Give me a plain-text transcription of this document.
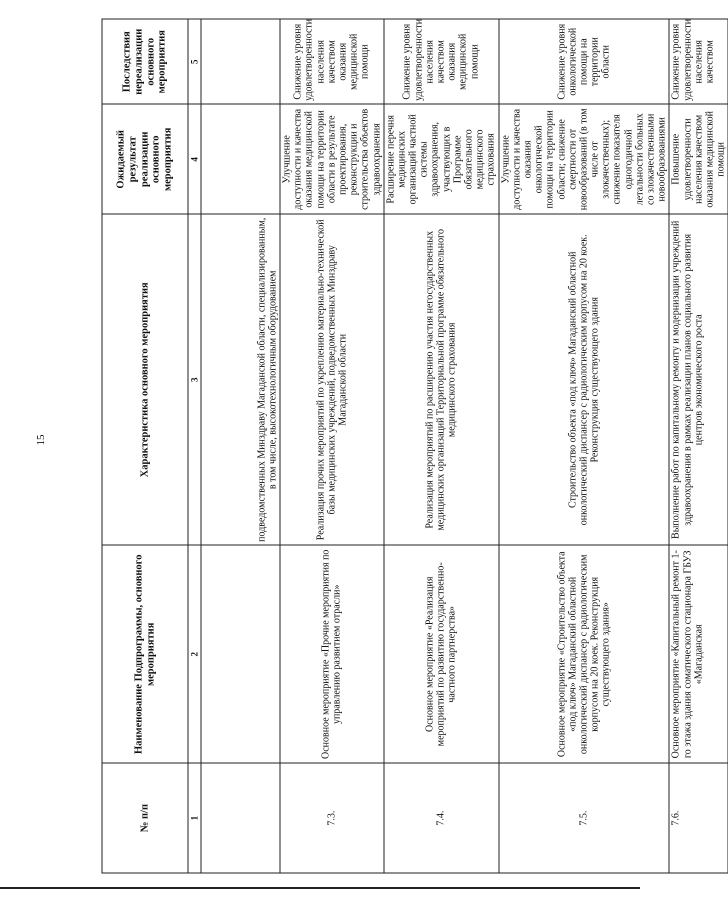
15
№ п/п	Наименование Подпрограммы, основного мероприятия	Характеристика основного мероприятия	Ожидаемый результат реализации основного мероприятия	Последствия нереализации основного мероприятия
1	2	3	4	5
		подведомственных Минздраву Магаданской области, специализированным, в том числе, высокотехнологичным оборудованием		
7.3.	Основное мероприятие «Прочие мероприятия по управлению развитием отрасли»	Реализация прочих мероприятий по укреплению материально-технической базы медицинских учреждений, подведомственных Минздраву Магаданской области	Улучшение доступности и качества оказания медицинской помощи на территории области в результате проектирования, реконструкции и строительства объектов здравоохранения	Снижение уровня удовлетворенности населения качеством оказания медицинской помощи
7.4.	Основное мероприятие «Реализация мероприятий по развитию государственно-частного партнерства»	Реализация мероприятий по расширению участия негосударственных медицинских организаций Территориальной программе обязательного медицинского страхования	Расширение перечня медицинских организаций частной системы здравоохранения, участвующих в Программе обязательного медицинского страхования	Снижение уровня удовлетворенности населения качеством оказания медицинской помощи
7.5.	Основное мероприятие «Строительство объекта «под ключ» Магаданский областной онкологический диспансер с радиологическим корпусом на 20 коек. Реконструкция существующего здания»	Строительство объекта «под ключ» Магаданский областной онкологический диспансер с радиологическим корпусом на 20 коек. Реконструкция существующего здания	Улучшение доступности и качества оказания онкологической помощи на территории области; снижение смертности от новообразований (в том числе от злокачественных); снижение показателя одногодичной летальности больных со злокачественными новообразованиями	Снижение уровня онкологической помощи на территории области
7.6.	Основное мероприятие «Капитальный ремонт 1-го этажа здания соматического стационара ГБУЗ «Магаданская	Выполнение работ по капитальному ремонту и модернизации учреждений здравоохранения в рамках реализации планов социального развития центров экономического роста	Повышение удовлетворенности населения качеством оказания медицинской помощи	Снижение уровня удовлетворенности населения качеством
